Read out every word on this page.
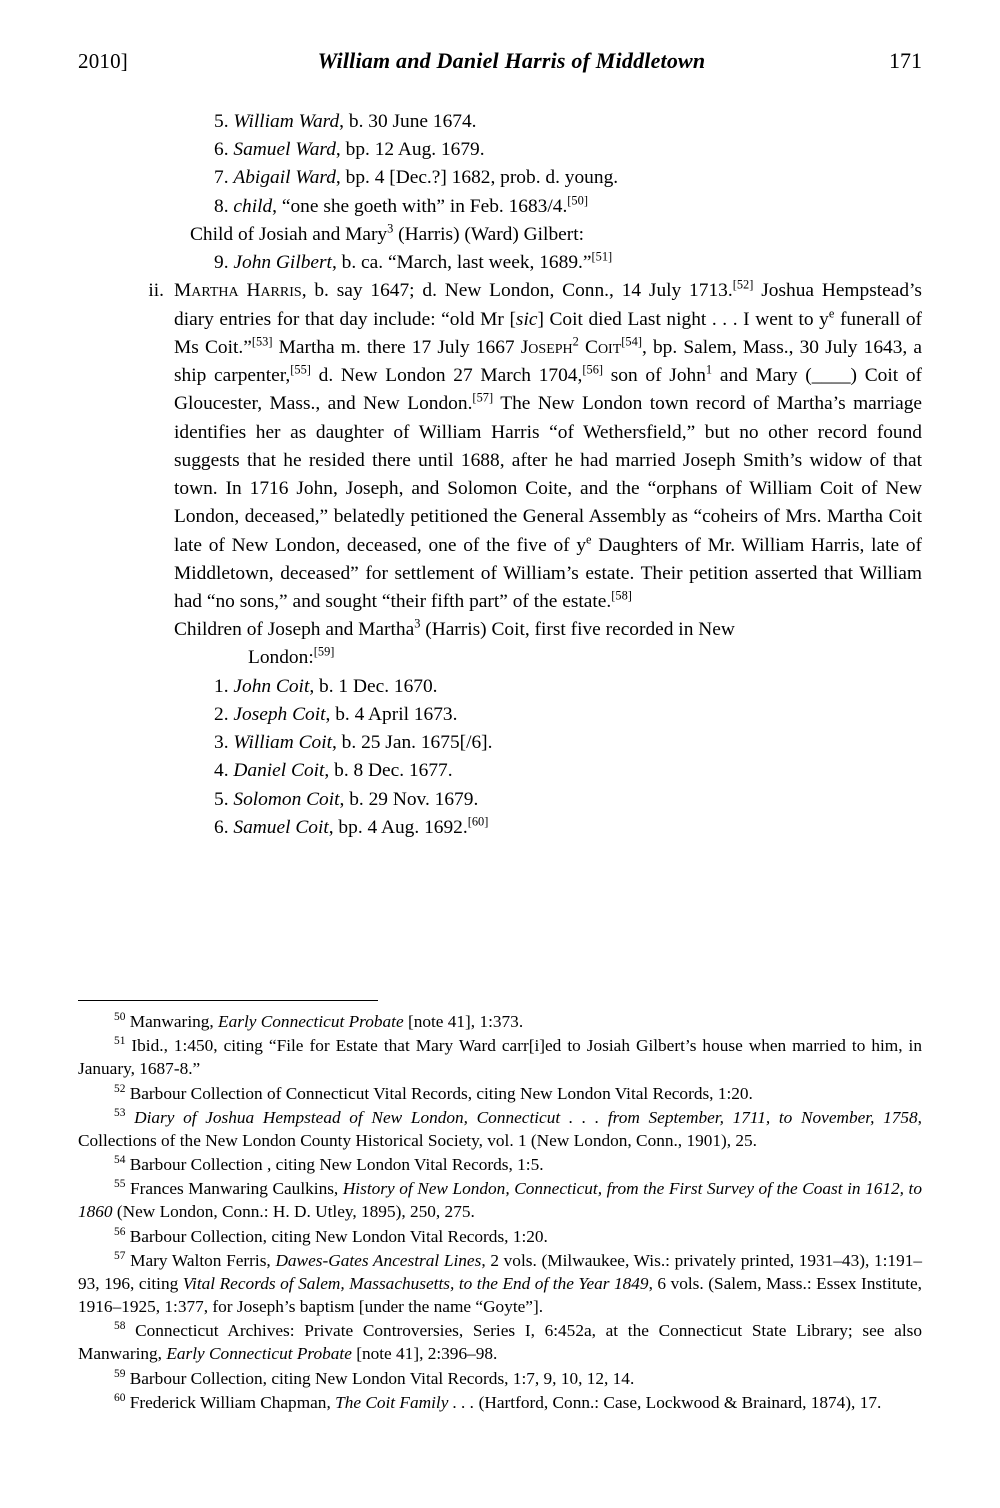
2010]	William and Daniel Harris of Middletown	171
5. William Ward, b. 30 June 1674.
6. Samuel Ward, bp. 12 Aug. 1679.
7. Abigail Ward, bp. 4 [Dec.?] 1682, prob. d. young.
8. child, “one she goeth with” in Feb. 1683/4.[50]
Child of Josiah and Mary$^3$ (Harris) (Ward) Gilbert:
9. John Gilbert, b. ca. “March, last week, 1689.”[51]
ii. Martha Harris, b. say 1647; d. New London, Conn., 14 July 1713.[52] Joshua Hempstead’s diary entries for that day include: “old Mr [sic] Coit died Last night . . . I went to $y^e$ funerall of Ms Coit.”[53] Martha m. there 17 July 1667 Joseph$^2$ Coit[54], bp. Salem, Mass., 30 July 1643, a ship carpenter,[55] d. New London 27 March 1704,[56] son of John$^1$ and Mary (____) Coit of Gloucester, Mass., and New London.[57] The New London town record of Martha’s marriage identifies her as daughter of William Harris “of Wethersfield,” but no other record found suggests that he resided there until 1688, after he had married Joseph Smith’s widow of that town. In 1716 John, Joseph, and Solomon Coite, and the “orphans of William Coit of New London, deceased,” belatedly petitioned the General Assembly as “coheirs of Mrs. Martha Coit late of New London, deceased, one of the five of $y^e$ Daughters of Mr. William Harris, late of Middletown, deceased” for settlement of William’s estate. Their petition asserted that William had “no sons,” and sought “their fifth part” of the estate.[58]
Children of Joseph and Martha$^3$ (Harris) Coit, first five recorded in New
London:[59]
1. John Coit, b. 1 Dec. 1670.
2. Joseph Coit, b. 4 April 1673.
3. William Coit, b. 25 Jan. 1675[/6].
4. Daniel Coit, b. 8 Dec. 1677.
5. Solomon Coit, b. 29 Nov. 1679.
6. Samuel Coit, bp. 4 Aug. 1692.[60]
$^{50}$ Manwaring, Early Connecticut Probate [note 41], 1:373.
$^{51}$ Ibid., 1:450, citing “File for Estate that Mary Ward carr[i]ed to Josiah Gilbert’s house when married to him, in January, 1687-8.”
$^{52}$ Barbour Collection of Connecticut Vital Records, citing New London Vital Records, 1:20.
$^{53}$ Diary of Joshua Hempstead of New London, Connecticut . . . from September, 1711, to November, 1758, Collections of the New London County Historical Society, vol. 1 (New London, Conn., 1901), 25.
$^{54}$ Barbour Collection , citing New London Vital Records, 1:5.
$^{55}$ Frances Manwaring Caulkins, History of New London, Connecticut, from the First Survey of the Coast in 1612, to 1860 (New London, Conn.: H. D. Utley, 1895), 250, 275.
$^{56}$ Barbour Collection, citing New London Vital Records, 1:20.
$^{57}$ Mary Walton Ferris, Dawes-Gates Ancestral Lines, 2 vols. (Milwaukee, Wis.: privately printed, 1931–43), 1:191–93, 196, citing Vital Records of Salem, Massachusetts, to the End of the Year 1849, 6 vols. (Salem, Mass.: Essex Institute, 1916–1925, 1:377, for Joseph’s baptism [under the name “Goyte”].
$^{58}$ Connecticut Archives: Private Controversies, Series I, 6:452a, at the Connecticut State Library; see also Manwaring, Early Connecticut Probate [note 41], 2:396–98.
$^{59}$ Barbour Collection, citing New London Vital Records, 1:7, 9, 10, 12, 14.
$^{60}$ Frederick William Chapman, The Coit Family . . . (Hartford, Conn.: Case, Lockwood & Brainard, 1874), 17.
